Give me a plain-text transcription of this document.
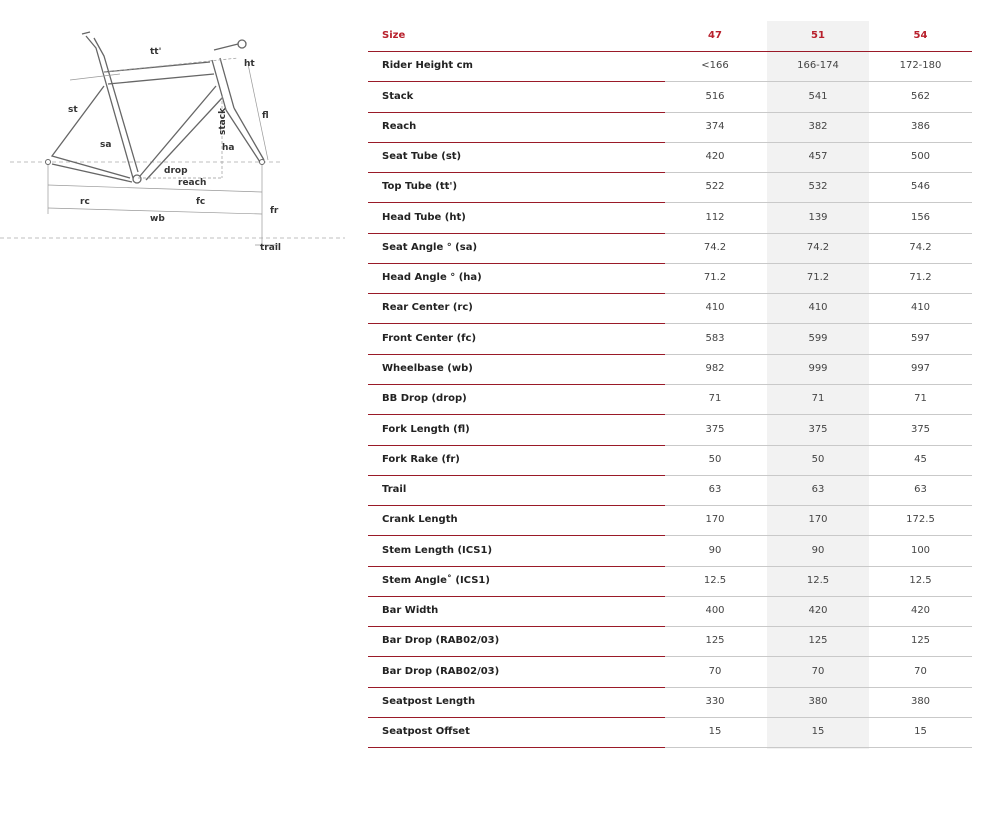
tt'
ht
st
fl
sa
stack
ha
drop
reach
rc	fc
fr
wb
trail
Size	47	51	54
Rider Height cm	<166	166-174	172-180
Stack	516	541	562
Reach	374	382	386
Seat Tube (st)	420	457	500
Top Tube (tt')	522	532	546
Head Tube (ht)	112	139	156
Seat Angle ° (sa)	74.2	74.2	74.2
Head Angle ° (ha)	71.2	71.2	71.2
Rear Center (rc)	410	410	410
Front Center (fc)	583	599	597
Wheelbase (wb)	982	999	997
BB Drop (drop)	71	71	71
Fork Length (fl)	375	375	375
Fork Rake (fr)	50	50	45
Trail	63	63	63
Crank Length	170	170	172.5
Stem Length (ICS1)	90	90	100
Stem Angle˚ (ICS1)	12.5	12.5	12.5
Bar Width	400	420	420
Bar Drop (RAB02/03)	125	125	125
Bar Drop (RAB02/03)	70	70	70
Seatpost Length	330	380	380
Seatpost Offset	15	15	15
